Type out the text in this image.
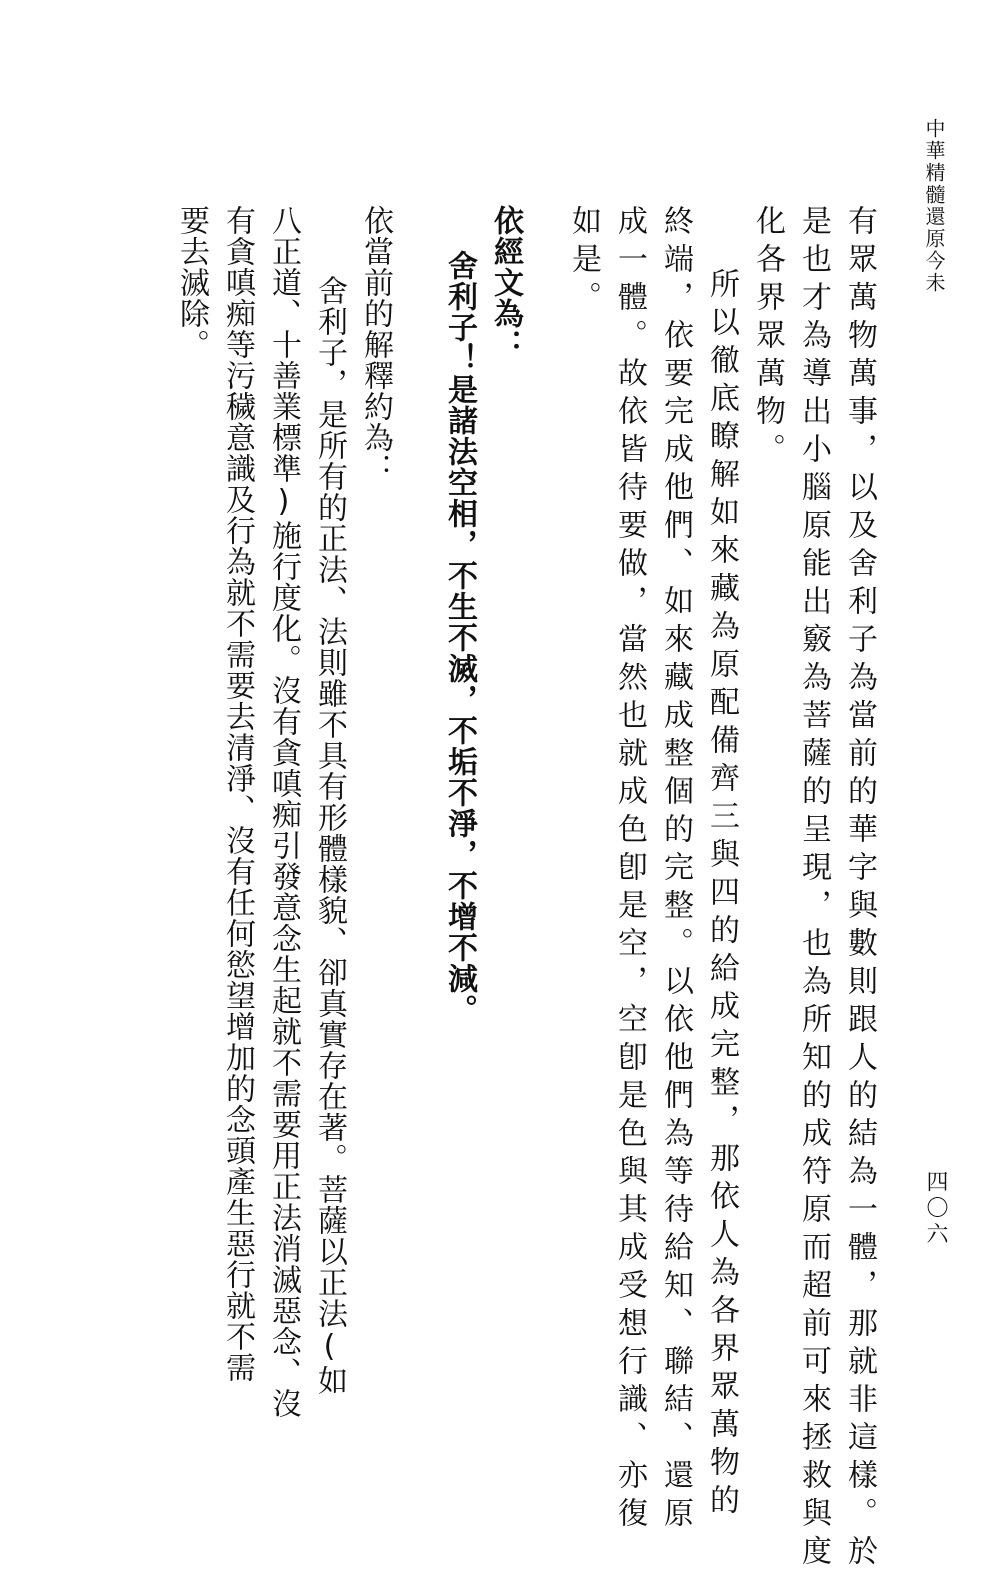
中華精髓還原今未
四〇六
有眾萬物萬事，以及舍利子為當前的華字與數則跟人的結為一體，那就非這樣。於
是也才為導出小腦原能出竅為菩薩的呈現，也為所知的成符原而超前可來拯救與度
化各界眾萬物。
所以徹底瞭解如來藏為原配備齊三與四的給成完整，那依人為各界眾萬物的
終端，依要完成他們、如來藏成整個的完整。以依他們為等待給知、聯結、還原
成一體。故依皆待要做，當然也就成色卽是空，空卽是色與其成受想行識、亦復
如是。
依經文為：
舍利子！是諸法空相，不生不滅，不垢不淨，不增不減。
依當前的解釋約為：
舍利子，是所有的正法、法則雖不具有形體樣貌、卻真實存在著。菩薩以正法(如
八正道、十善業標準)施行度化。沒有貪嗔痴引發意念生起就不需要用正法消滅惡念、沒
有貪嗔痴等污穢意識及行為就不需要去清淨、沒有任何慾望增加的念頭產生惡行就不需
要去滅除。
